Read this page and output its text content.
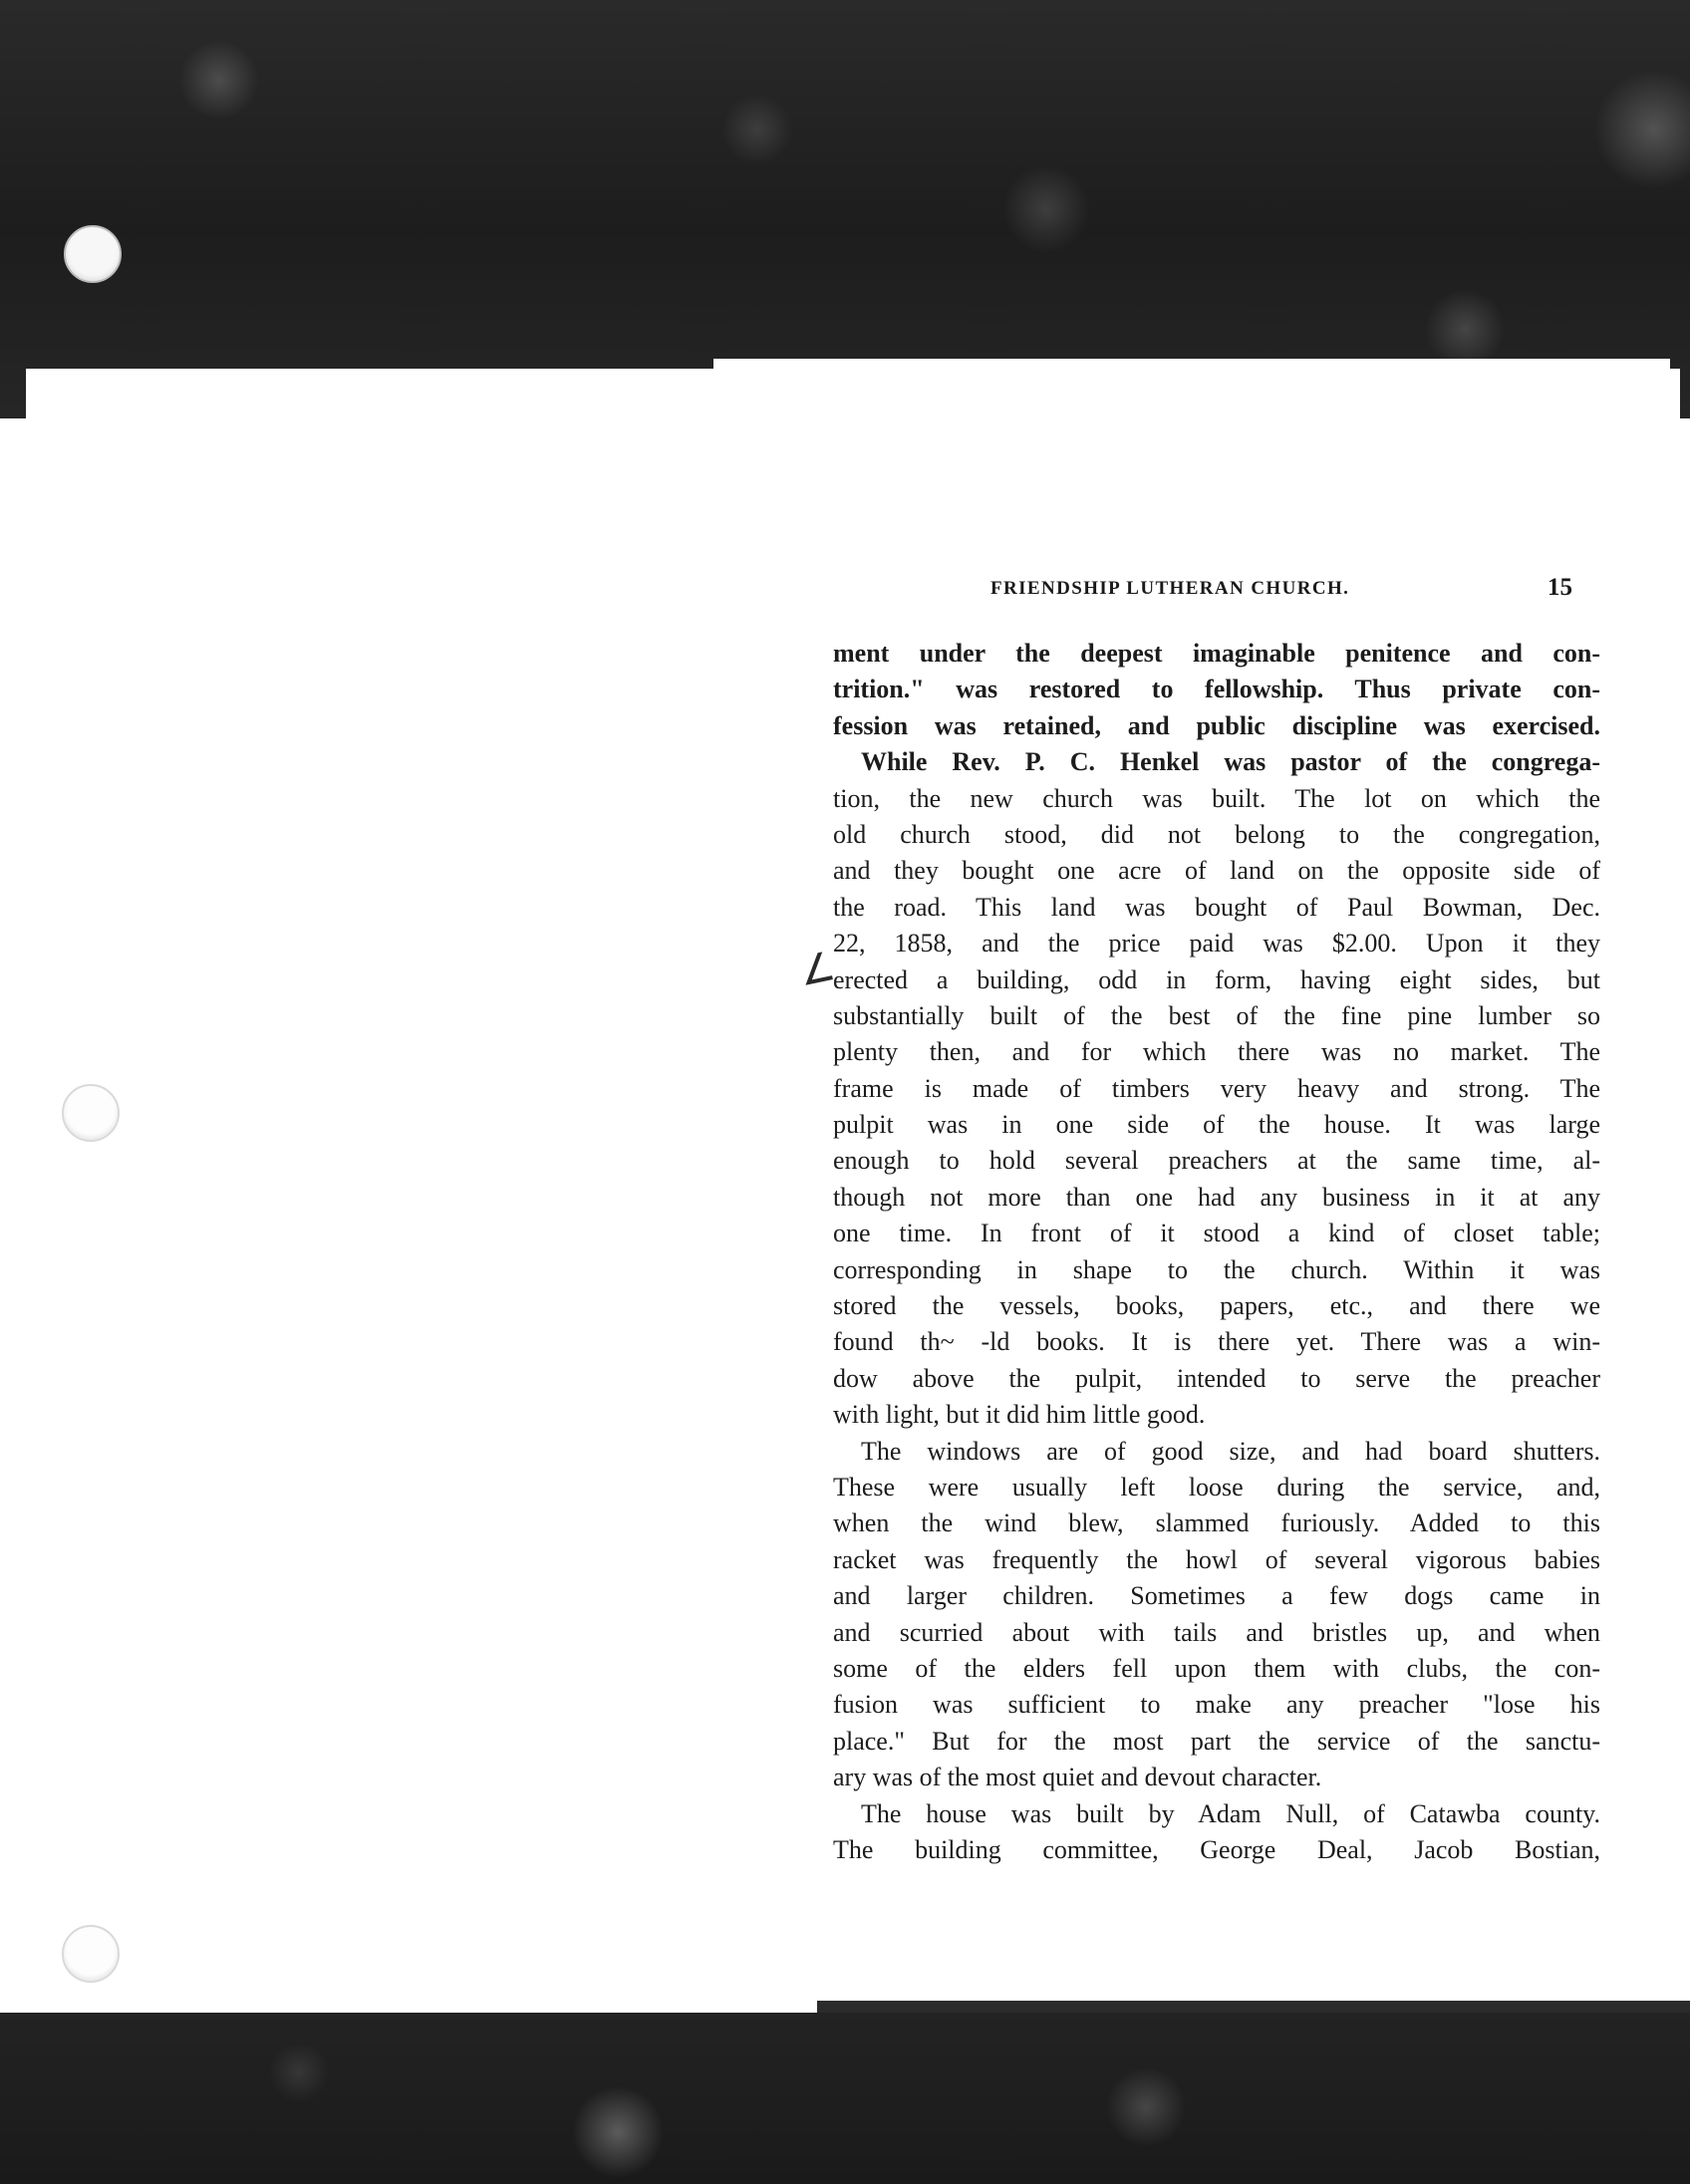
∠
FRIENDSHIP LUTHERAN CHURCH.	15
ment under the deepest imaginable penitence and con-
trition." was restored to fellowship. Thus private con-
fession was retained, and public discipline was exercised.
While Rev. P. C. Henkel was pastor of the congrega-
tion, the new church was built. The lot on which the
old church stood, did not belong to the congregation,
and they bought one acre of land on the opposite side of
the road. This land was bought of Paul Bowman, Dec.
22, 1858, and the price paid was $2.00. Upon it they
erected a building, odd in form, having eight sides, but
substantially built of the best of the fine pine lumber so
plenty then, and for which there was no market. The
frame is made of timbers very heavy and strong. The
pulpit was in one side of the house. It was large
enough to hold several preachers at the same time, al-
though not more than one had any business in it at any
one time. In front of it stood a kind of closet table;
corresponding in shape to the church. Within it was
stored the vessels, books, papers, etc., and there we
found th~ -ld books. It is there yet. There was a win-
dow above the pulpit, intended to serve the preacher
with light, but it did him little good.
The windows are of good size, and had board shutters.
These were usually left loose during the service, and,
when the wind blew, slammed furiously. Added to this
racket was frequently the howl of several vigorous babies
and larger children. Sometimes a few dogs came in
and scurried about with tails and bristles up, and when
some of the elders fell upon them with clubs, the con-
fusion was sufficient to make any preacher "lose his
place." But for the most part the service of the sanctu-
ary was of the most quiet and devout character.
The house was built by Adam Null, of Catawba county.
The building committee, George Deal, Jacob Bostian,
